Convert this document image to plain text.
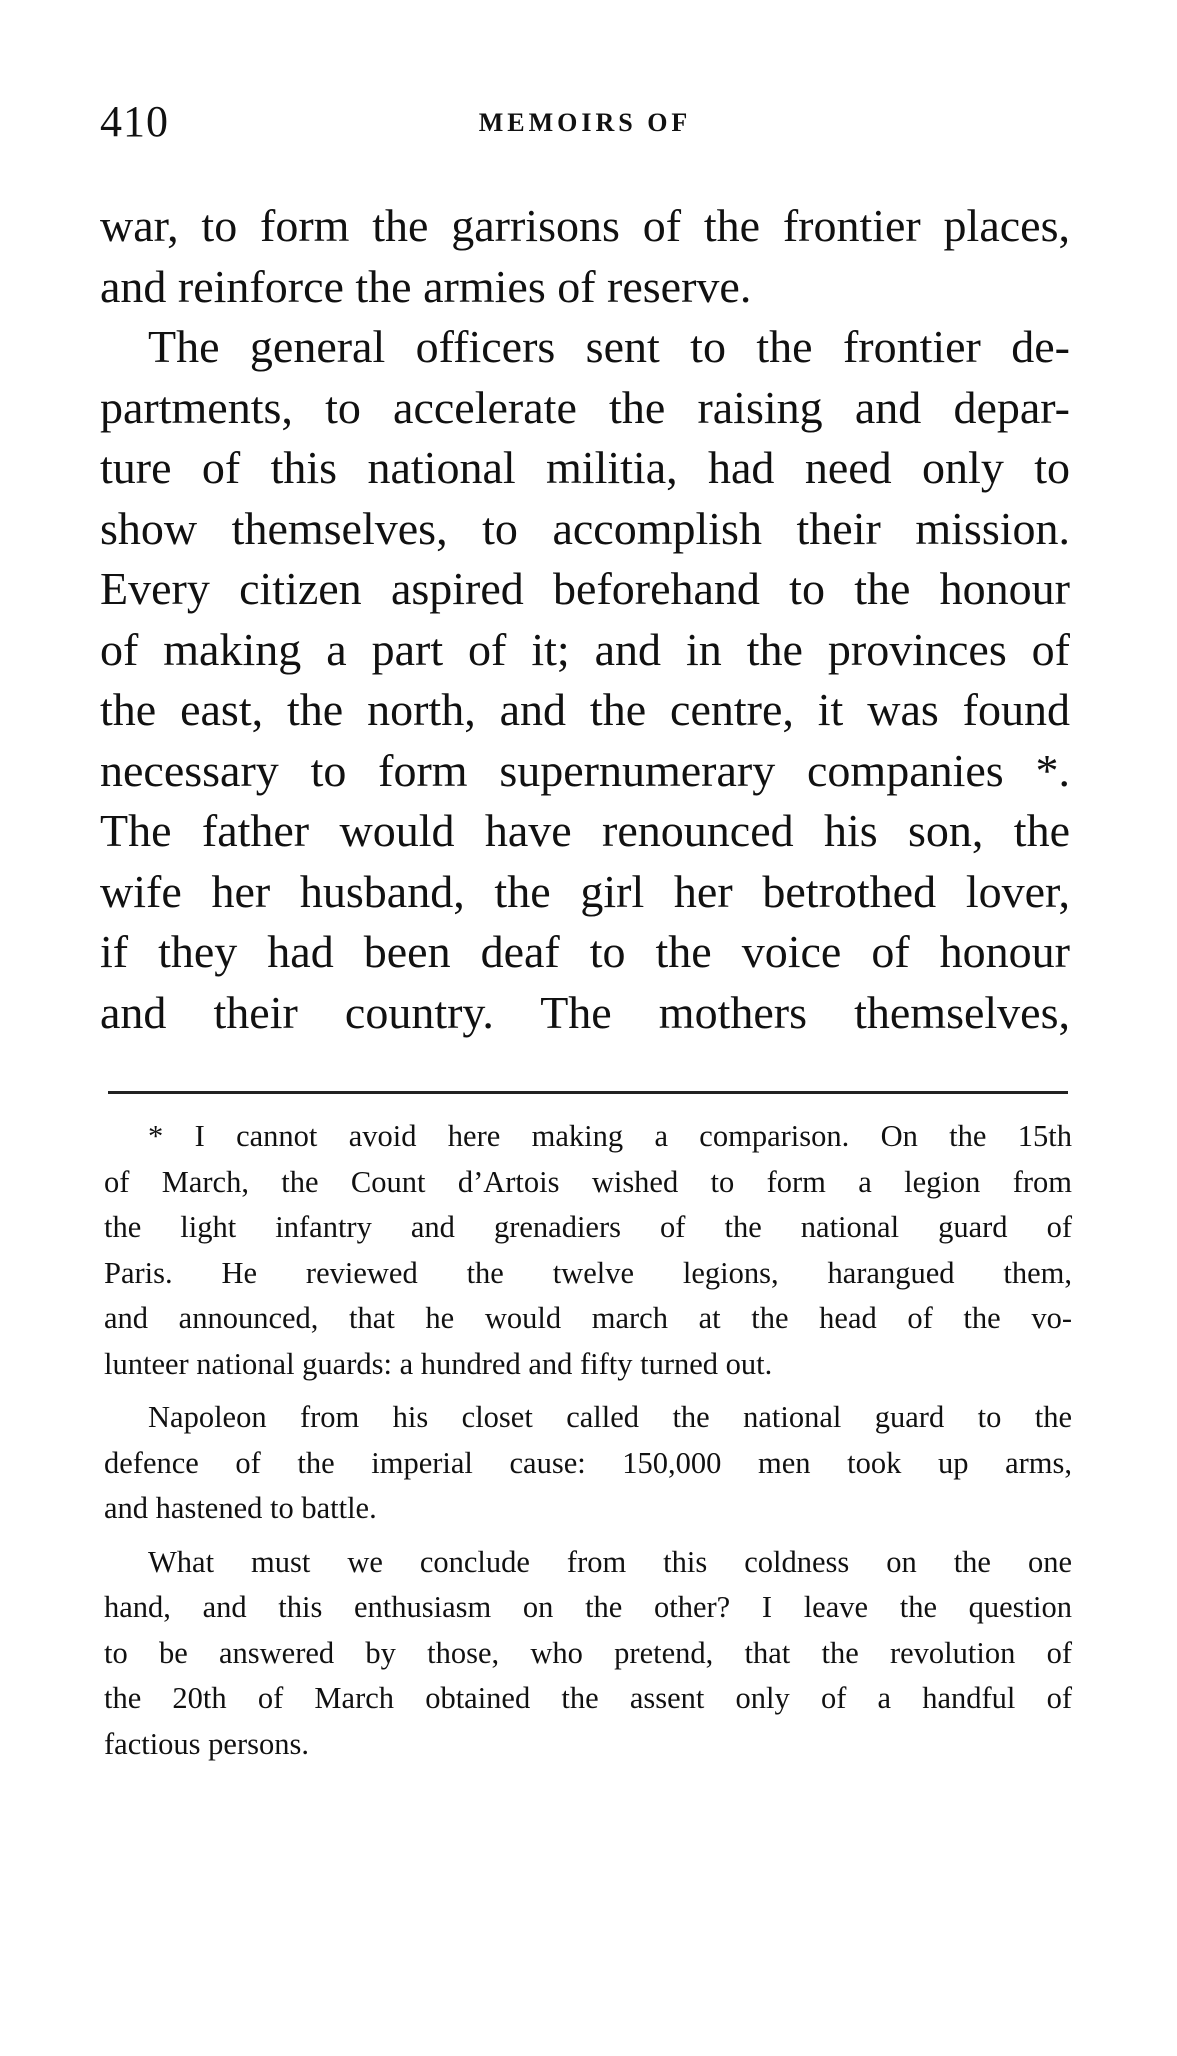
410	MEMOIRS OF
war, to form the garrisons of the frontier places,
and reinforce the armies of reserve.
The general officers sent to the frontier de-
partments, to accelerate the raising and depar-
ture of this national militia, had need only to
show themselves, to accomplish their mission.
Every citizen aspired beforehand to the honour
of making a part of it; and in the provinces of
the east, the north, and the centre, it was found
necessary to form supernumerary companies *.
The father would have renounced his son, the
wife her husband, the girl her betrothed lover,
if they had been deaf to the voice of honour
and their country. The mothers themselves,
* I cannot avoid here making a comparison. On the 15th
of March, the Count d’Artois wished to form a legion from
the light infantry and grenadiers of the national guard of
Paris. He reviewed the twelve legions, harangued them,
and announced, that he would march at the head of the vo-
lunteer national guards: a hundred and fifty turned out.
Napoleon from his closet called the national guard to the
defence of the imperial cause: 150,000 men took up arms,
and hastened to battle.
What must we conclude from this coldness on the one
hand, and this enthusiasm on the other? I leave the question
to be answered by those, who pretend, that the revolution of
the 20th of March obtained the assent only of a handful of
factious persons.
